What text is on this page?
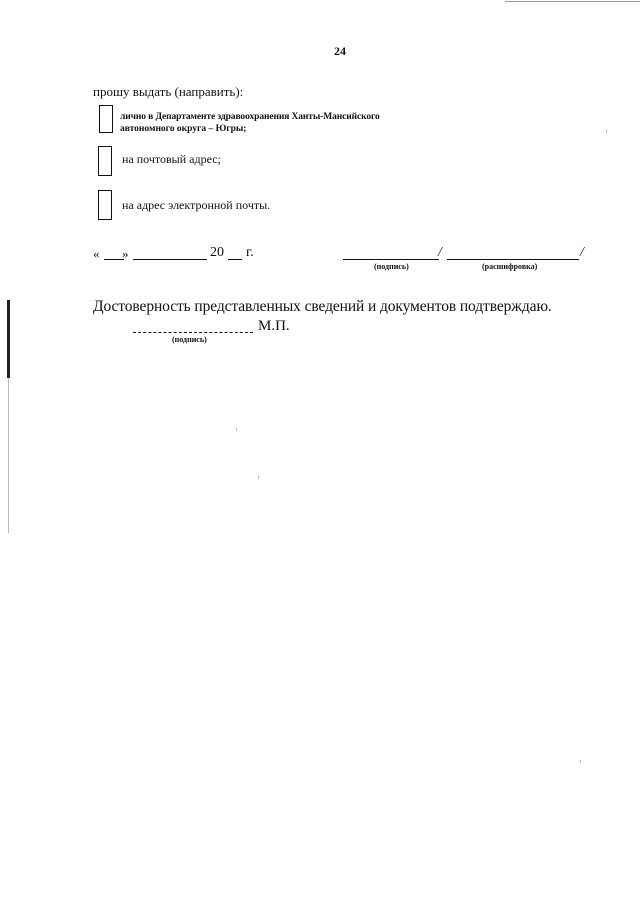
24
прошу выдать (направить):
лично в Департаменте здравоохранения Ханты-Мансийского
автономного округа – Югры;
на почтовый адрес;
на адрес электронной почты.
« »	20 г.	/	/
(подпись)	(расшифровка)
Достоверность представленных сведений и документов подтверждаю.
М.П.
(подпись)
